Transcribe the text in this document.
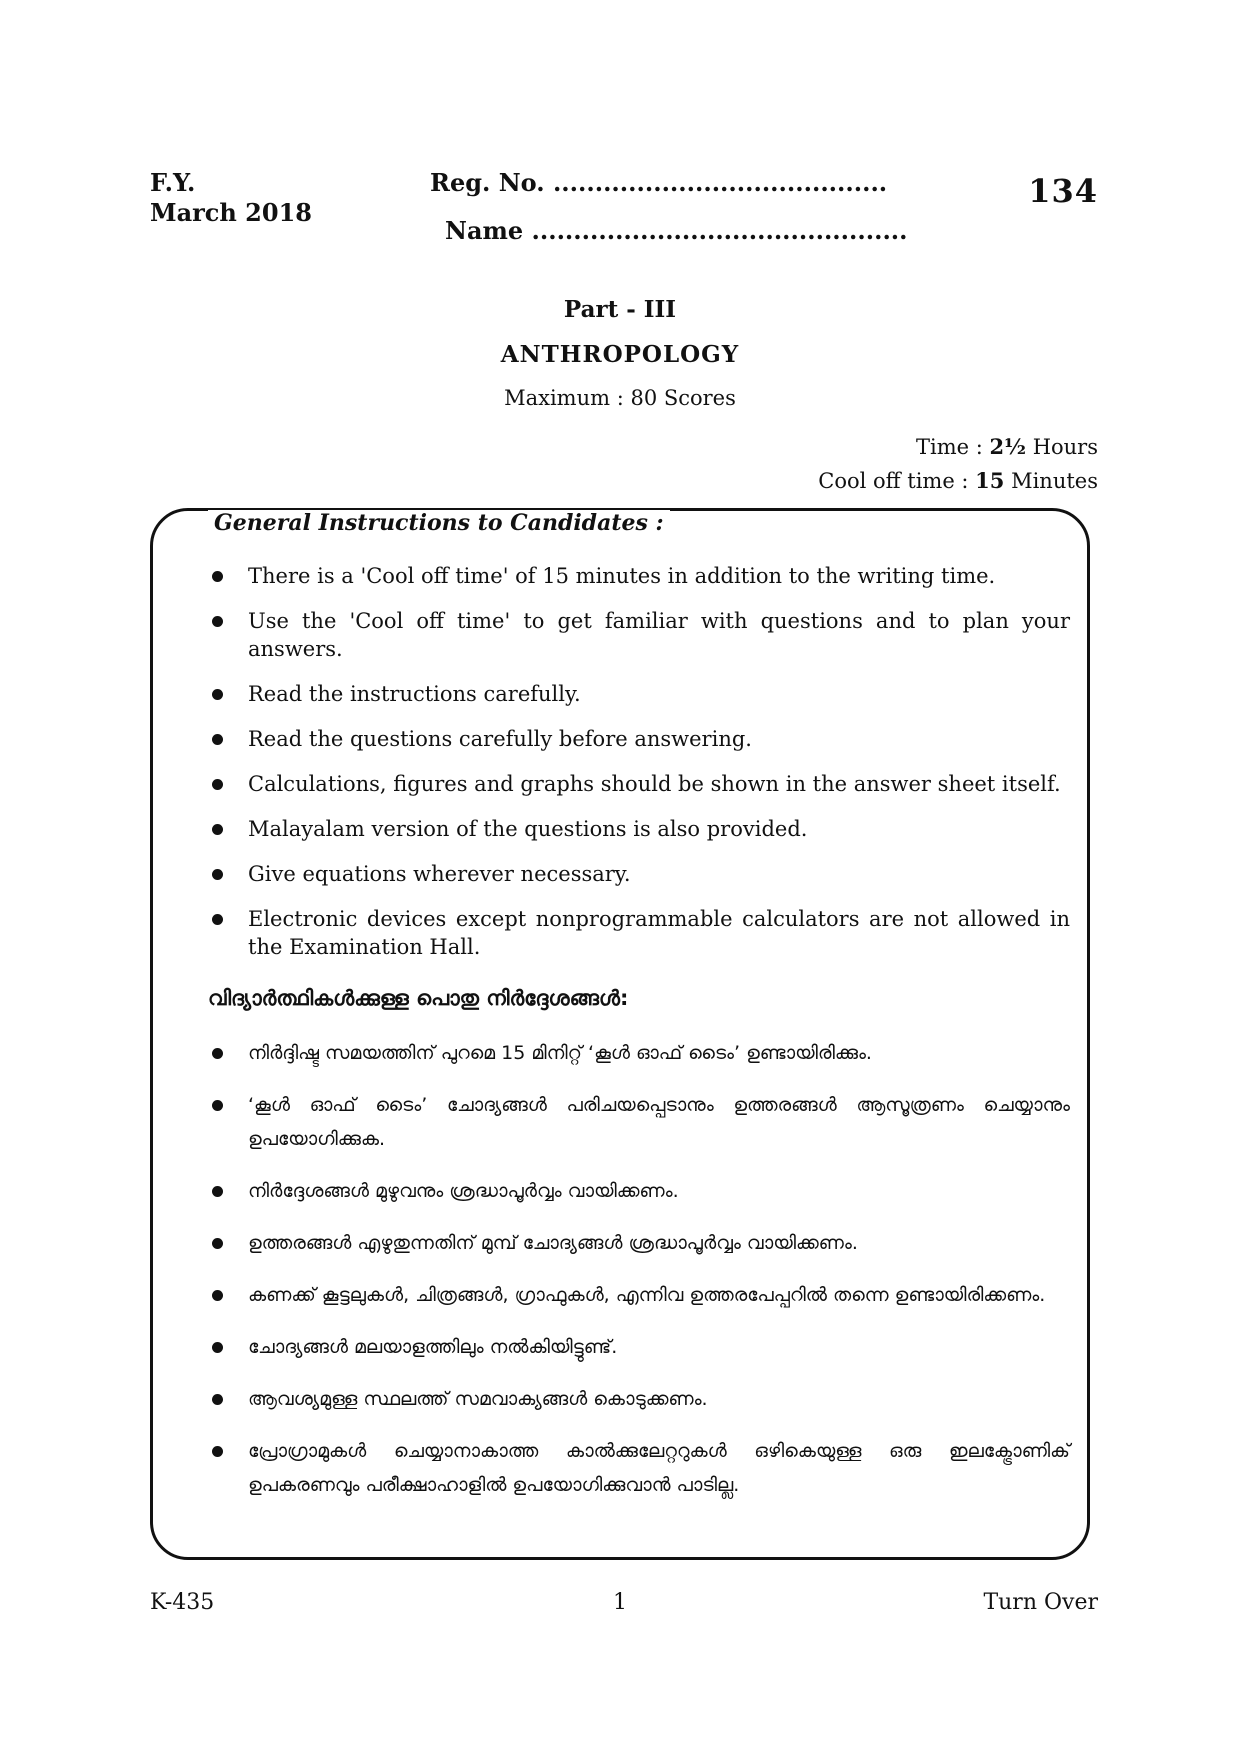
F.Y.
March 2018
Reg. No. ........................................
Name .............................................
134
Part - III
ANTHROPOLOGY
Maximum : 80 Scores
Time : 2½ Hours
Cool off time : 15 Minutes
General Instructions to Candidates :
There is a 'Cool off time' of 15 minutes in addition to the writing time.
Use the 'Cool off time' to get familiar with questions and to plan your answers.
Read the instructions carefully.
Read the questions carefully before answering.
Calculations, figures and graphs should be shown in the answer sheet itself.
Malayalam version of the questions is also provided.
Give equations wherever necessary.
Electronic devices except nonprogrammable calculators are not allowed in the Examination Hall.
വിദ്യാർത്ഥികൾക്കുള്ള പൊതു നിർദ്ദേശങ്ങൾ:
നിർദ്ദിഷ്ട സമയത്തിന് പുറമെ 15 മിനിറ്റ് ‘കൂൾ ഓഫ് ടൈം’ ഉണ്ടായിരിക്കും.
‘കൂൾ ഓഫ് ടൈം’ ചോദ്യങ്ങൾ പരിചയപ്പെടാനും ഉത്തരങ്ങൾ ആസൂത്രണം ചെയ്യാനും ഉപയോഗിക്കുക.
നിർദ്ദേശങ്ങൾ മുഴുവനും ശ്രദ്ധാപൂർവ്വം വായിക്കണം.
ഉത്തരങ്ങൾ എഴുതുന്നതിന് മുമ്പ് ചോദ്യങ്ങൾ ശ്രദ്ധാപൂർവ്വം വായിക്കണം.
കണക്ക് കൂട്ടലുകൾ, ചിത്രങ്ങൾ, ഗ്രാഫുകൾ, എന്നിവ ഉത്തരപേപ്പറിൽ തന്നെ ഉണ്ടായിരിക്കണം.
ചോദ്യങ്ങൾ മലയാളത്തിലും നൽകിയിട്ടുണ്ട്.
ആവശ്യമുള്ള സ്ഥലത്ത് സമവാക്യങ്ങൾ കൊടുക്കണം.
പ്രോഗ്രാമുകൾ ചെയ്യാനാകാത്ത കാൽക്കുലേറ്ററുകൾ ഒഴികെയുള്ള ഒരു ഇലക്ട്രോണിക് ഉപകരണവും പരീക്ഷാഹാളിൽ ഉപയോഗിക്കുവാൻ പാടില്ല.
K-435	1	Turn Over
